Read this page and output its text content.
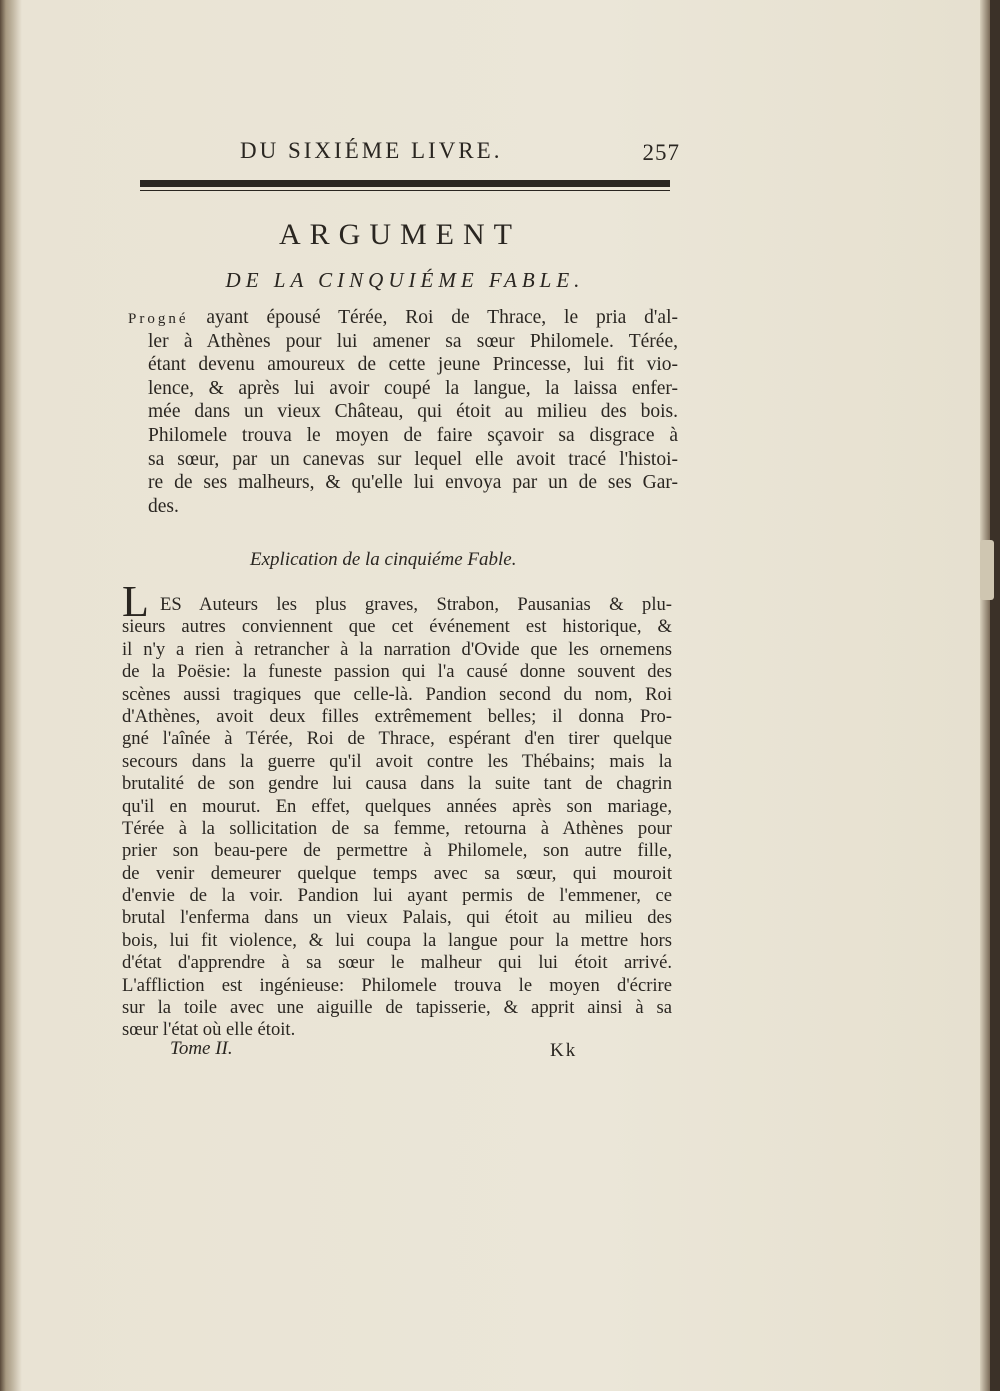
DU SIXIÉME LIVRE.	257
ARGUMENT
DE LA CINQUIÉME FABLE.
Progné ayant épousé Térée, Roi de Thrace, le pria d'al-
ler à Athènes pour lui amener sa sœur Philomele. Térée,
étant devenu amoureux de cette jeune Princesse, lui fit vio-
lence, & après lui avoir coupé la langue, la laissa enfer-
mée dans un vieux Château, qui étoit au milieu des bois.
Philomele trouva le moyen de faire sçavoir sa disgrace à
sa sœur, par un canevas sur lequel elle avoit tracé l'histoi-
re de ses malheurs, & qu'elle lui envoya par un de ses Gar-
des.
Explication de la cinquiéme Fable.
L ES Auteurs les plus graves, Strabon, Pausanias & plu-
sieurs autres conviennent que cet événement est historique, &
il n'y a rien à retrancher à la narration d'Ovide que les ornemens
de la Poësie: la funeste passion qui l'a causé donne souvent des
scènes aussi tragiques que celle-là. Pandion second du nom, Roi
d'Athènes, avoit deux filles extrêmement belles; il donna Pro-
gné l'aînée à Térée, Roi de Thrace, espérant d'en tirer quelque
secours dans la guerre qu'il avoit contre les Thébains; mais la
brutalité de son gendre lui causa dans la suite tant de chagrin
qu'il en mourut. En effet, quelques années après son mariage,
Térée à la sollicitation de sa femme, retourna à Athènes pour
prier son beau-pere de permettre à Philomele, son autre fille,
de venir demeurer quelque temps avec sa sœur, qui mouroit
d'envie de la voir. Pandion lui ayant permis de l'emmener, ce
brutal l'enferma dans un vieux Palais, qui étoit au milieu des
bois, lui fit violence, & lui coupa la langue pour la mettre hors
d'état d'apprendre à sa sœur le malheur qui lui étoit arrivé.
L'affliction est ingénieuse: Philomele trouva le moyen d'écrire
sur la toile avec une aiguille de tapisserie, & apprit ainsi à sa
sœur l'état où elle étoit.
Tome II.	Kk
